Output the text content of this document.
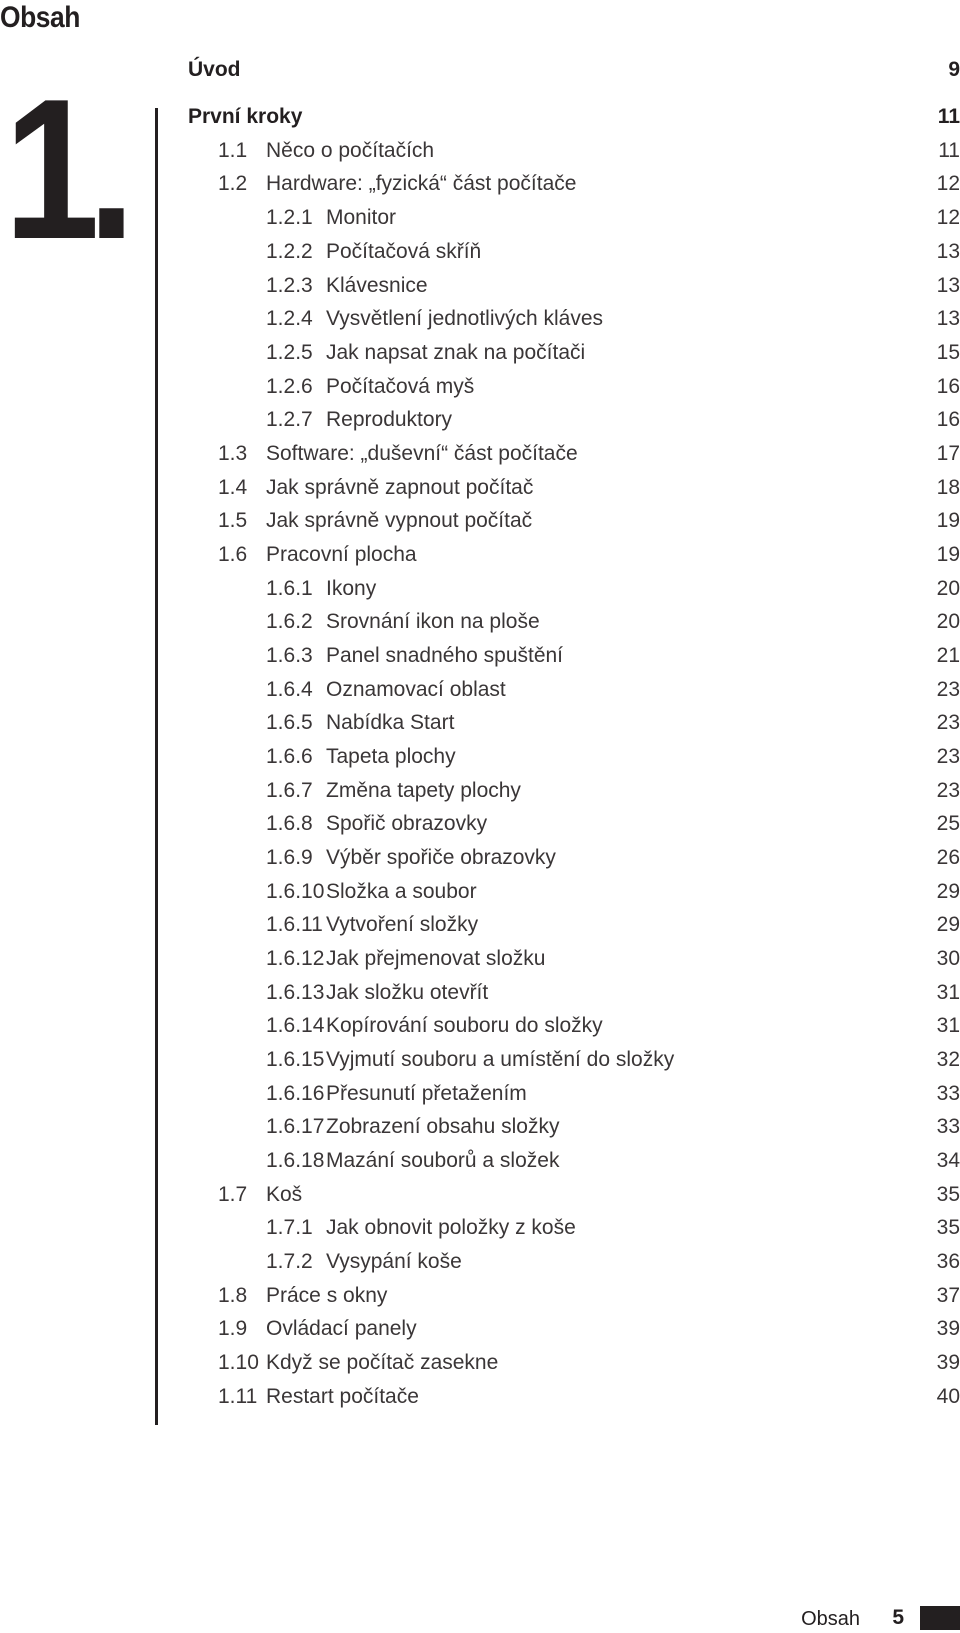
Obsah
1.	Úvod	9
První kroky	11
1.1 Něco o počítačích	11
1.2 Hardware: „fyzická“ část počítače	12
1.2.1 Monitor	12
1.2.2 Počítačová skříň	13
1.2.3 Klávesnice	13
1.2.4 Vysvětlení jednotlivých kláves	13
1.2.5 Jak napsat znak na počítači	15
1.2.6 Počítačová myš	16
1.2.7 Reproduktory	16
1.3 Software: „duševní“ část počítače	17
1.4 Jak správně zapnout počítač	18
1.5 Jak správně vypnout počítač	19
1.6 Pracovní plocha	19
1.6.1 Ikony	20
1.6.2 Srovnání ikon na ploše	20
1.6.3 Panel snadného spuštění	21
1.6.4 Oznamovací oblast	23
1.6.5 Nabídka Start	23
1.6.6 Tapeta plochy	23
1.6.7 Změna tapety plochy	23
1.6.8 Spořič obrazovky	25
1.6.9 Výběr spořiče obrazovky	26
1.6.10 Složka a soubor	29
1.6.11 Vytvoření složky	29
1.6.12 Jak přejmenovat složku	30
1.6.13 Jak složku otevřít	31
1.6.14 Kopírování souboru do složky	31
1.6.15 Vyjmutí souboru a umístění do složky	32
1.6.16 Přesunutí přetažením	33
1.6.17 Zobrazení obsahu složky	33
1.6.18 Mazání souborů a složek	34
1.7 Koš	35
1.7.1 Jak obnovit položky z koše	35
1.7.2 Vysypání koše	36
1.8 Práce s okny	37
1.9 Ovládací panely	39
1.10 Když se počítač zasekne	39
1.11 Restart počítače	40
Obsah 5
